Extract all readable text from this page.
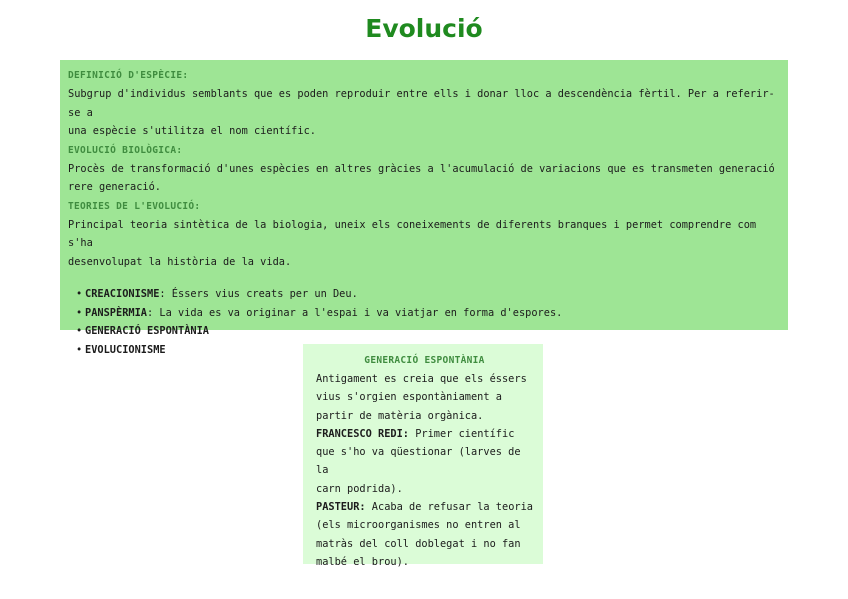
Evolució
DEFINICIÓ D'ESPÈCIE:
Subgrup d'individus semblants que es poden reproduir entre ells i donar lloc a descendència fèrtil. Per a referir-se a
una espècie s'utilitza el nom científic.
EVOLUCIÓ BIOLÒGICA:
Procès de transformació d'unes espècies en altres gràcies a l'acumulació de variacions que es transmeten generació
rere generació.
TEORIES DE L'EVOLUCIÓ:
Principal teoria sintètica de la biologia, uneix els coneixements de diferents branques i permet comprendre com s'ha
desenvolupat la història de la vida.
• CREACIONISME: Éssers vius creats per un Deu.
• PANSPÈRMIA: La vida es va originar a l'espai i va viatjar en forma d'espores.
• GENERACIÓ ESPONTÀNIA
• EVOLUCIONISME
GENERACIÓ ESPONTÀNIA
Antigament es creia que els éssers
vius s'orgien espontàniament a
partir de matèria orgànica.
FRANCESCO REDI: Primer científic
que s'ho va qüestionar (larves de la
carn podrida).
PASTEUR: Acaba de refusar la teoria
(els microorganismes no entren al
matràs del coll doblegat i no fan
malbé el brou).
